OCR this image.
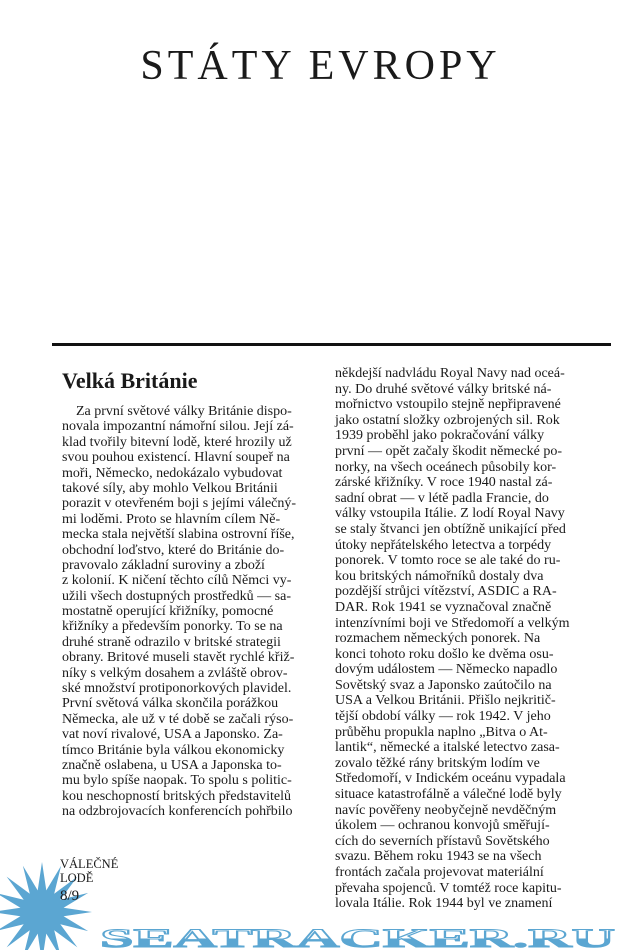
STÁTY EVROPY
Velká Británie
Za první světové války Británie dispo-
novala impozantní námořní silou. Její zá-
klad tvořily bitevní lodě, které hrozily už
svou pouhou existencí. Hlavní soupeř na
moři, Německo, nedokázalo vybudovat
takové síly, aby mohlo Velkou Británii
porazit v otevřeném boji s jejími válečný-
mi loděmi. Proto se hlavním cílem Ně-
mecka stala největší slabina ostrovní říše,
obchodní loďstvo, které do Británie do-
pravovalo základní suroviny a zboží
z kolonií. K ničení těchto cílů Němci vy-
užili všech dostupných prostředků — sa-
mostatně operující křižníky, pomocné
křižníky a především ponorky. To se na
druhé straně odrazilo v britské strategii
obrany. Britové museli stavět rychlé křiž-
níky s velkým dosahem a zvláště obrov-
ské množství protiponorkových plavidel.
První světová válka skončila porážkou
Německa, ale už v té době se začali rýso-
vat noví rivalové, USA a Japonsko. Za-
tímco Británie byla válkou ekonomicky
značně oslabena, u USA a Japonska to-
mu bylo spíše naopak. To spolu s politic-
kou neschopností britských představitelů
na odzbrojovacích konferencích pohřbilo
někdejší nadvládu Royal Navy nad oceá-
ny. Do druhé světové války britské ná-
mořnictvo vstoupilo stejně nepřipravené
jako ostatní složky ozbrojených sil. Rok
1939 proběhl jako pokračování války
první — opět začaly škodit německé po-
norky, na všech oceánech působily kor-
zárské křižníky. V roce 1940 nastal zá-
sadní obrat — v létě padla Francie, do
války vstoupila Itálie. Z lodí Royal Navy
se staly štvanci jen obtížně unikající před
útoky nepřátelského letectva a torpédy
ponorek. V tomto roce se ale také do ru-
kou britských námořníků dostaly dva
pozdější strůjci vítězství, ASDIC a RA-
DAR. Rok 1941 se vyznačoval značně
intenzívními boji ve Středomoří a velkým
rozmachem německých ponorek. Na
konci tohoto roku došlo ke dvěma osu-
dovým událostem — Německo napadlo
Sovětský svaz a Japonsko zaútočilo na
USA a Velkou Británii. Přišlo nejkritič-
tější období války — rok 1942. V jeho
průběhu propukla naplno „Bitva o At-
lantik“, německé a italské letectvo zasa-
zovalo těžké rány britským lodím ve
Středomoří, v Indickém oceánu vypadala
situace katastrofálně a válečné lodě byly
navíc pověřeny neobyčejně nevděčným
úkolem — ochranou konvojů směřují-
cích do severních přístavů Sovětského
svazu. Během roku 1943 se na všech
frontách začala projevovat materiální
převaha spojenců. V tomtéž roce kapitu-
lovala Itálie. Rok 1944 byl ve znamení
SEATRACKER.RU
VÁLEČNÉ
LODĚ
8/9
